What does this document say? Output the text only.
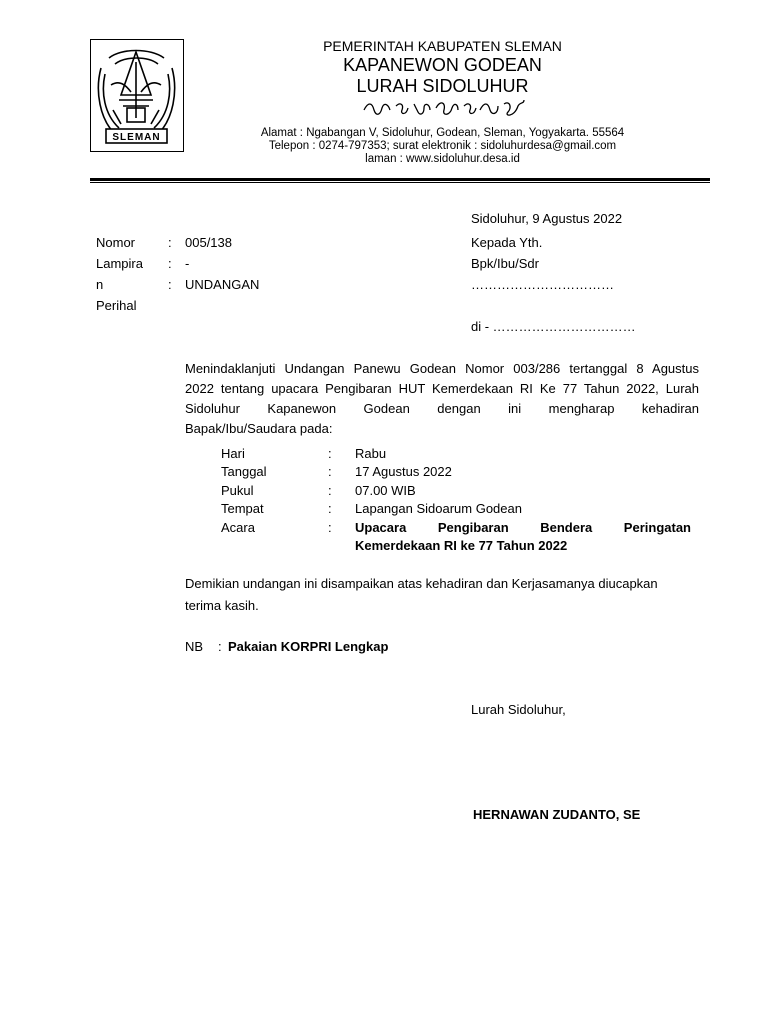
SLEMAN
PEMERINTAH KABUPATEN SLEMAN
KAPANEWON GODEAN
LURAH SIDOLUHUR
Alamat : Ngabangan V, Sidoluhur, Godean, Sleman, Yogyakarta. 55564
Telepon : 0274-797353; surat elektronik : sidoluhurdesa@gmail.com
laman : www.sidoluhur.desa.id
Sidoluhur, 9 Agustus 2022
Nomor	: 005/138
Lampira : -
n	: UNDANGAN
Perihal
Kepada Yth.
Bpk/Ibu/Sdr
……………………………
di - ……………………………
Menindaklanjuti Undangan Panewu Godean Nomor 003/286 tertanggal 8 Agustus
2022 tentang upacara Pengibaran HUT Kemerdekaan RI Ke 77 Tahun 2022, Lurah
Sidoluhur Kapanewon Godean dengan ini mengharap kehadiran
Bapak/Ibu/Saudara pada:
Hari	: Rabu
Tanggal	: 17 Agustus 2022
Pukul	: 07.00 WIB
Tempat	: Lapangan Sidoarum Godean
Acara	: Upacara Pengibaran Bendera Peringatan
Kemerdekaan RI ke 77 Tahun 2022
Demikian undangan ini disampaikan atas kehadiran dan Kerjasamanya diucapkan
terima kasih.
NB : Pakaian KORPRI Lengkap
Lurah Sidoluhur,
HERNAWAN ZUDANTO, SE
